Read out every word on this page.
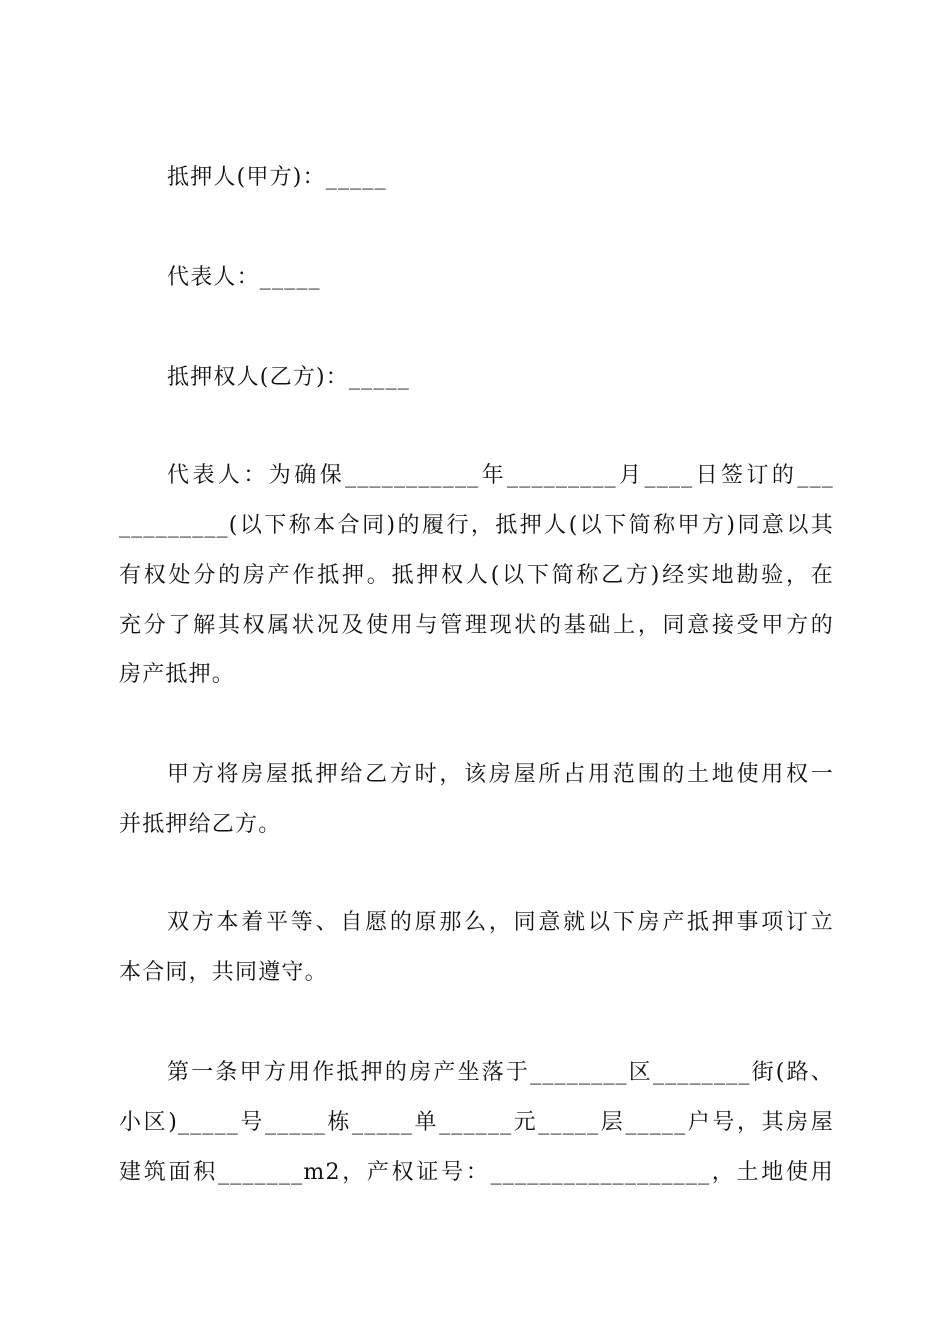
抵押人(甲方)：_____
代表人：_____
抵押权人(乙方)：_____
代表人：为确保___________年_________月____日签订的___
_________(以下称本合同)的履行，抵押人(以下简称甲方)同意以其
有权处分的房产作抵押。抵押权人(以下简称乙方)经实地勘验，在
充分了解其权属状况及使用与管理现状的基础上，同意接受甲方的
房产抵押。
甲方将房屋抵押给乙方时，该房屋所占用范围的土地使用权一
并抵押给乙方。
双方本着平等、自愿的原那么，同意就以下房产抵押事项订立
本合同，共同遵守。
第一条甲方用作抵押的房产坐落于________区________街(路、
小区)_____号_____栋_____单______元_____层_____户号，其房屋
建筑面积_______m2，产权证号：__________________，土地使用
